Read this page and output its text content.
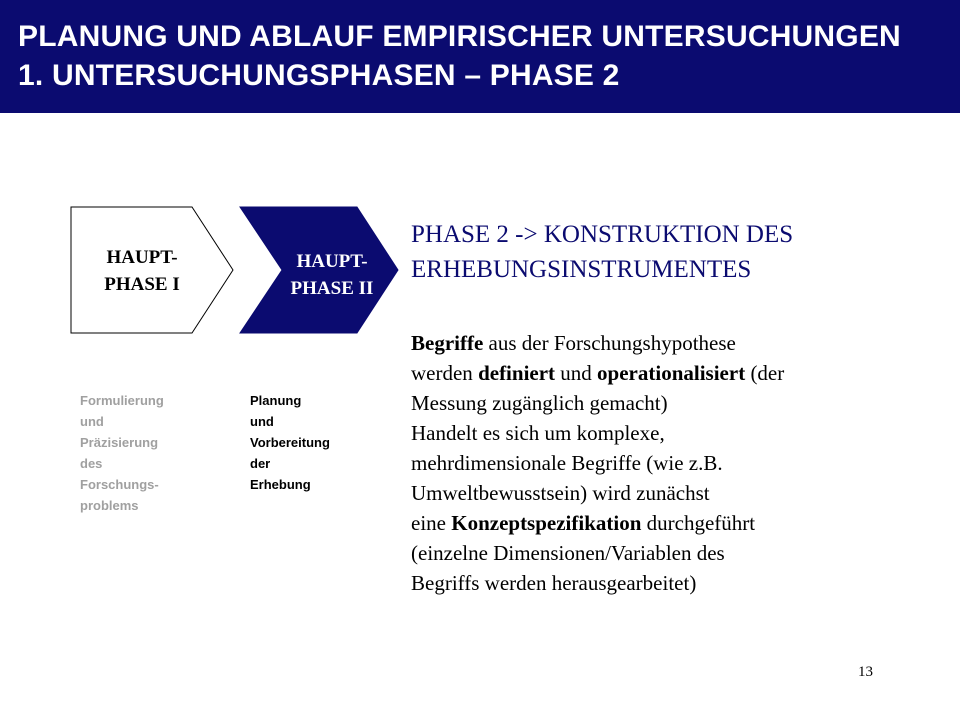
PLANUNG UND ABLAUF EMPIRISCHER UNTERSUCHUNGEN
1. UNTERSUCHUNGSPHASEN – PHASE 2
HAUPT-
PHASE I
HAUPT-
PHASE II
Formulierung
und
Präzisierung
des
Forschungs-
problems
Planung
und
Vorbereitung
der
Erhebung
PHASE 2 -> KONSTRUKTION DES
ERHEBUNGSINSTRUMENTES
Begriffe aus der Forschungshypothese
werden definiert und operationalisiert (der
Messung zugänglich gemacht)
Handelt es sich um komplexe,
mehrdimensionale Begriffe (wie z.B.
Umweltbewusstsein) wird zunächst
eine Konzeptspezifikation durchgeführt
(einzelne Dimensionen/Variablen des
Begriffs werden herausgearbeitet)
13
